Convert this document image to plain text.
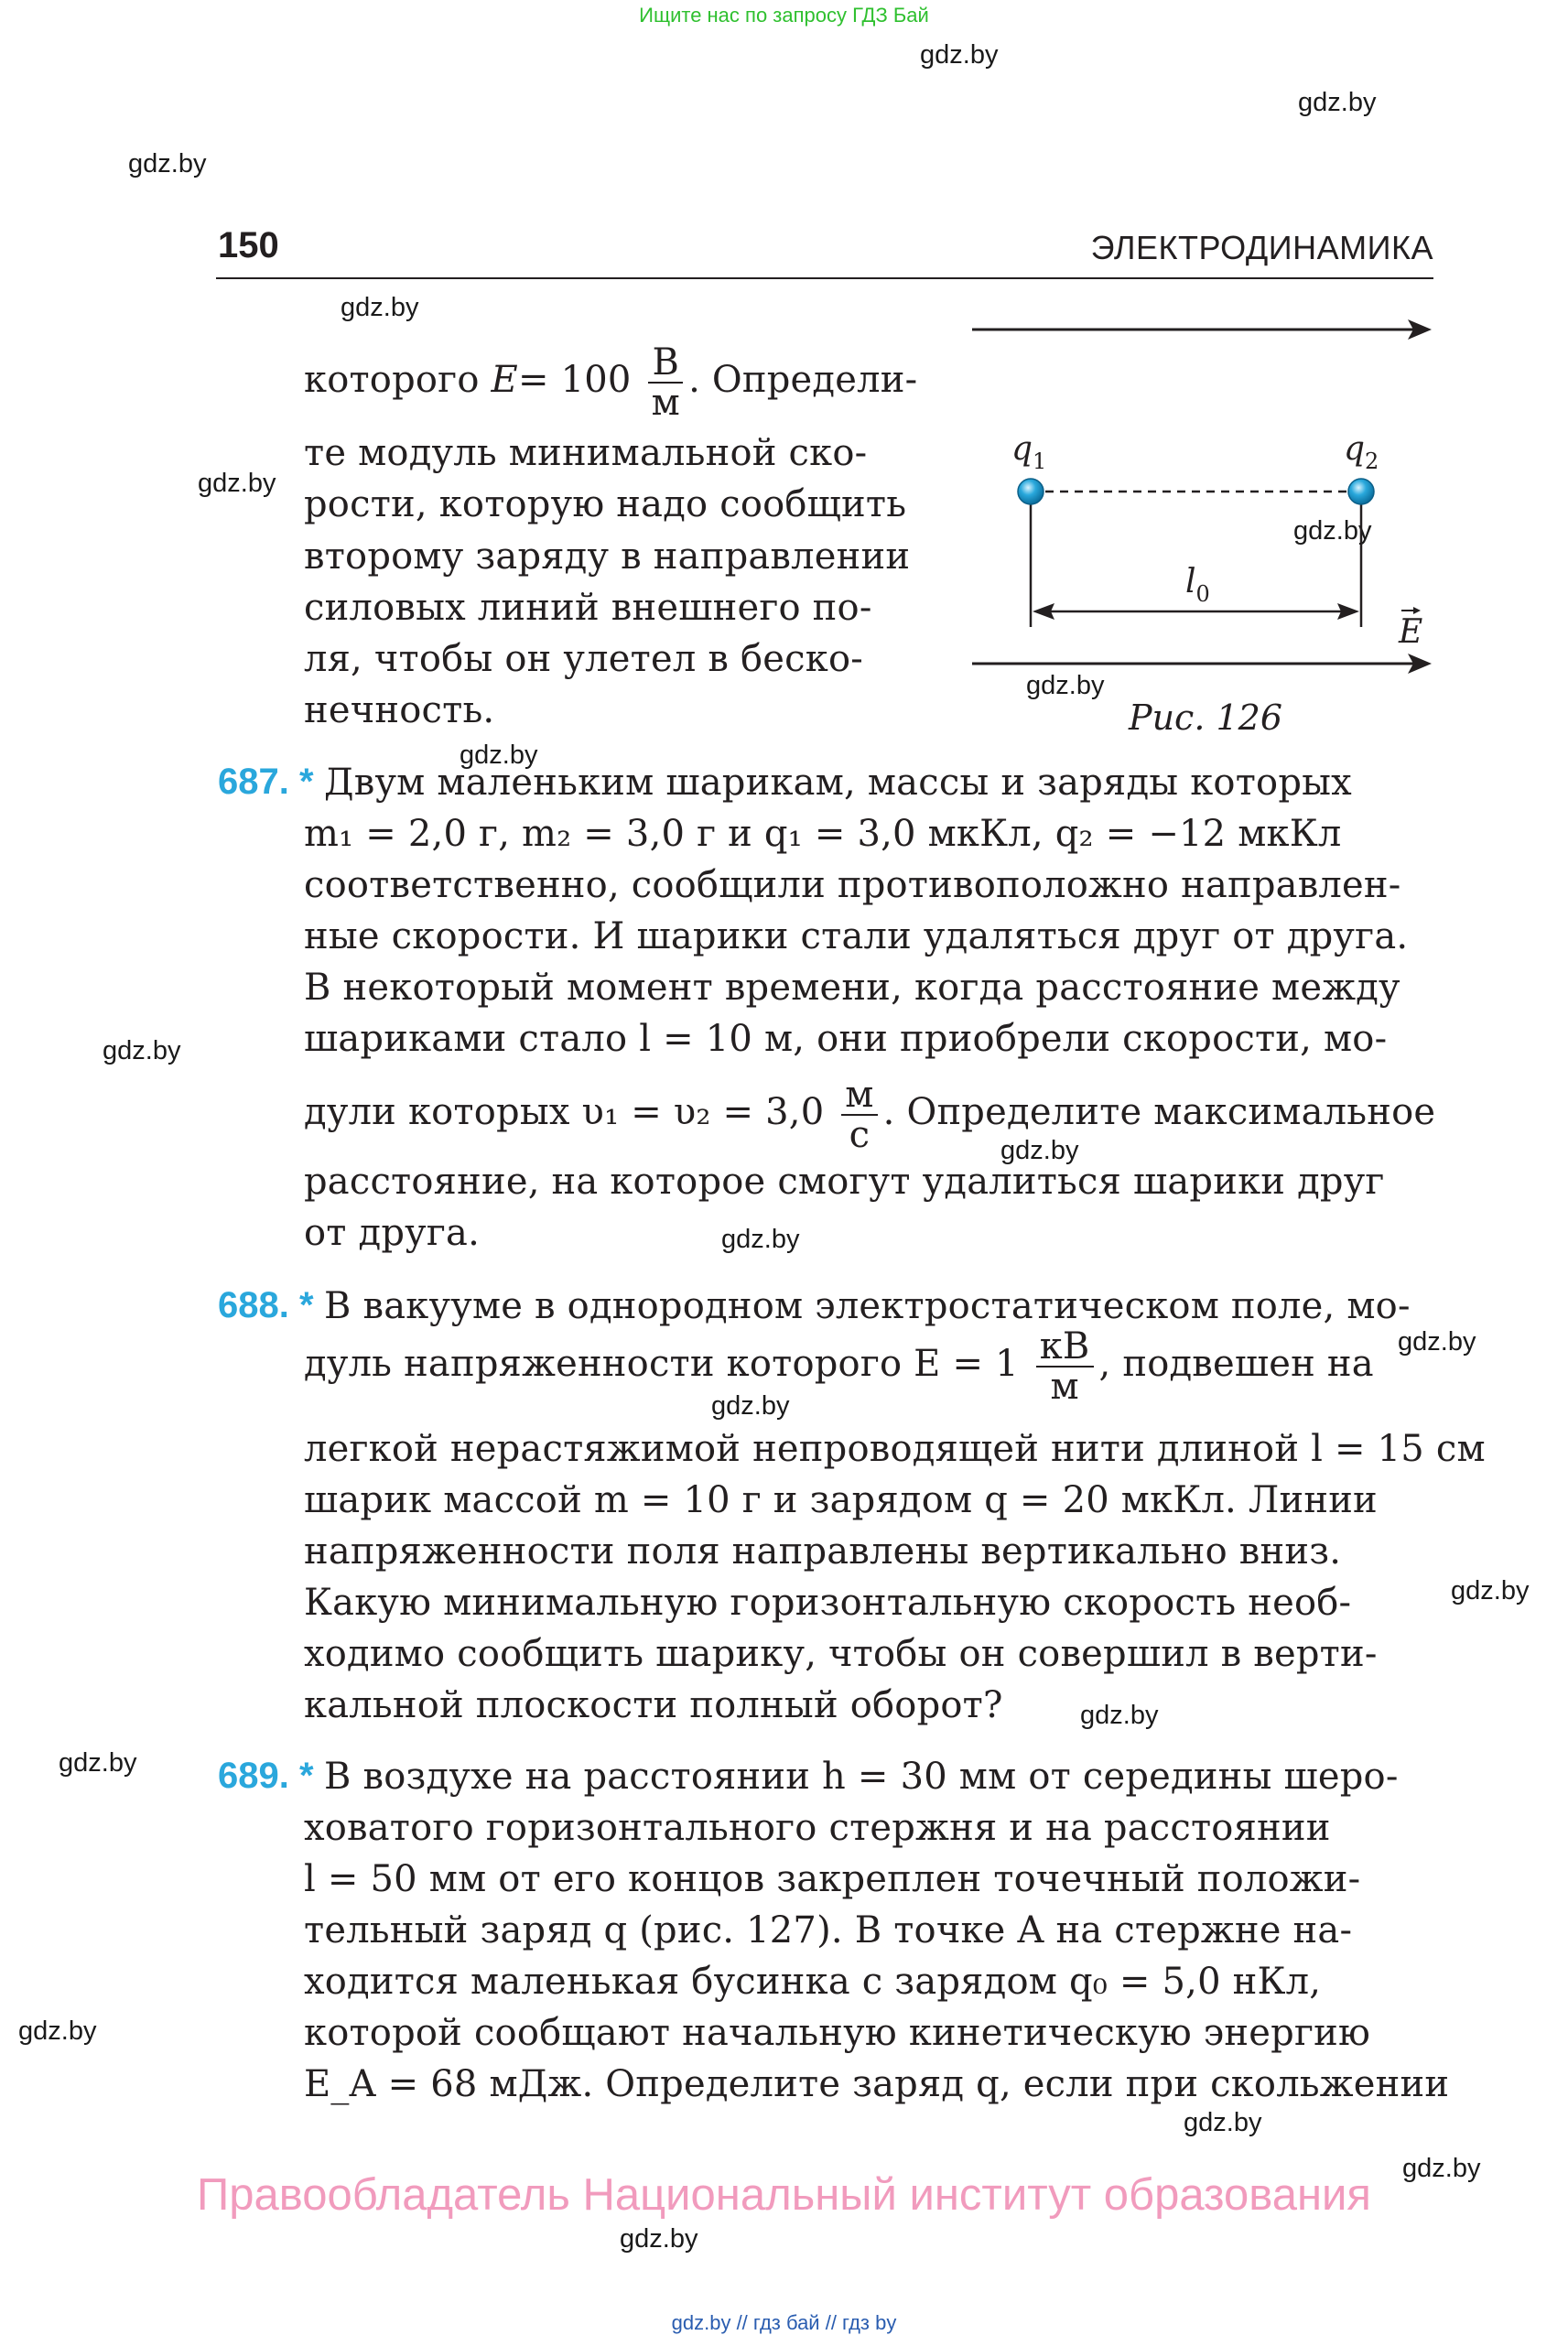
Ищите нас по запросу ГДЗ Бай
gdz.by
gdz.by
gdz.by
gdz.by
gdz.by
gdz.by
gdz.by
gdz.by
gdz.by
gdz.by
gdz.by
gdz.by
gdz.by
gdz.by
gdz.by
gdz.by
gdz.by
gdz.by
gdz.by
gdz.by
150	ЭЛЕКТРОДИНАМИКА
$q_1$	$q_2$
$l_0$
E
Рис. 126
которого $E= 100 \frac{В}{м}$ . Определи-
те модуль минимальной ско-
рости, которую надо сообщить
второму заряду в направлении
силовых линий внешнего по-
ля, чтобы он улетел в беско-
нечность.
687. * Двум маленьким шарикам, массы и заряды которых
m₁ = 2,0 г, m₂ = 3,0 г и q₁ = 3,0 мкКл, q₂ = −12 мкКл
соответственно, сообщили противоположно направлен-
ные скорости. И шарики стали удаляться друг от друга.
В некоторый момент времени, когда расстояние между
шариками стало l = 10 м, они приобрели скорости, мо-
дули которых $\upsilon_1 = \upsilon_2 = 3,0 \frac{м}{с}$ . Определите максимальное
расстояние, на которое смогут удалиться шарики друг
от друга.
688. * В вакууме в однородном электростатическом поле, мо-
дуль напряженности которого $E = 1 \frac{кВ}{м}$ , подвешен на
легкой нерастяжимой непроводящей нити длиной l = 15 см
шарик массой m = 10 г и зарядом q = 20 мкКл. Линии
напряженности поля направлены вертикально вниз.
Какую минимальную горизонтальную скорость необ-
ходимо сообщить шарику, чтобы он совершил в верти-
кальной плоскости полный оборот?
689. * В воздухе на расстоянии h = 30 мм от середины шеро-
ховатого горизонтального стержня и на расстоянии
l = 50 мм от его концов закреплен точечный положи-
тельный заряд q (рис. 127). В точке A на стержне на-
ходится маленькая бусинка с зарядом q₀ = 5,0 нКл,
которой сообщают начальную кинетическую энергию
E_A = 68 мДж. Определите заряд q, если при скольжении
Правообладатель Национальный институт образования
gdz.by // гдз бай // гдз by
